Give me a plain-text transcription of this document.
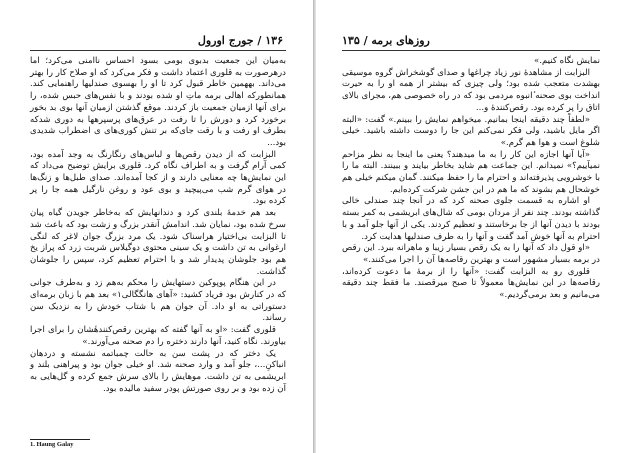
۱۳۶ / جورج اورول

به‌میان این جمعیت بدبوی بومی بسود احساس نا‌امنی می‌کرد؛ اما درهرصورت به قلوری اعتماد داشت و فکر می‌کرد که او صلاح کار را بهتر می‌داند. بههمین خاطر قبول کرد تا او را بهسوی صندلیها راهنمایی کند. همانطورکه اهالی برمه ماتِ او شده بودند و با نفس‌های حبس شده، را برای آنها ازمیان جمعیت باز کردند. موقع گذشتن ازمیان آنها بوی بد بخور برخورد کرد و دورش را تا رفت در عرق‌های پرسپرهها به دوری شدکه بطرف او رفت و با رقت جای‌که بر تنش کوری‌های ی اضطراب شدیدی بود...

البزابت که از دیدن رقص‌ها و لباس‌های رنگارنگ به وجد آمده بود، کمی آرام گرفت و به اطراف نگاه کرد. قلوری برایش توضیح می‌داد که این نمایش‌ها چه معنایی دارند و از کجا آمده‌اند. صدای طبل‌ها و زنگ‌ها در هوای گرم شب می‌پیچید و بوی عود و روغن نارگیل همه جا را پر کرده بود.

بعد هم خدمهٔ بلندی کرد و دندانهایش که به‌خاطر جویدن گیاه پیان سرخ شده بود، نمایان شد. اندامش آنقدر بزرگ و زشت بود که باعث شد تا البزابت بی‌اختیار هراسناک شود. یک مرد بزرگ جوان لاغر که لنگی ارغوانی به تن داشت و یک سینی محتوی دوگیلاس شربت زرد که پراز یخ هم بود جلوشان پدیدار شد و با احترام تعظیم کرد، سپس را جلوشان گذاشت.

در این هنگام پوپوکین دستهایش را محکم به‌هم زد و به‌طرف جوانی که در کنارش بود فریاد کشید: «آهای هانگگالی١» بعد هم با زبان برمه‌ای دستوراتی به او داد. آن جوان هم با شتاب خودش را به نزدیک سن رساند.

قلوری گفت: «او به آنها گفته که بهترین رقص‌کنندهٔشان را برای اجرا بیاورند. نگاه کنید، آنها دارند دختره را دم صحنه می‌آورند.»

یک دختر که در پشت سن به حالت چمباتمه نشسته و دردهان انباکنِ...، جلو آمد و وارد صحنه شد. او خیلی جوان بود و پیراهنی بلند و ابریشمی به تن داشت. موهایش را بالای سرش جمع کرده و گل‌هایی به آن زده بود و بر روی صورتش پودر سفید مالیده بود.

1. Haung Galay
روزهای برمه / ۱۳۵

نمایش نگاه کنیم.»

البزابت از مشاهدهٔ نور زیاد چراغها و صدای گوشخراش گروه موسیقی بهشدت متعجب شده بود؛ ولی چیزی که بیشتر از همه او را به حیرت انداخت بوی صحنه ٔانبوه مردمی بود که در راه خصوصی هم، مجرای بالای اتاق را پر کرده بود. رقص‌کنندهٔ و...

«لطفاً چند دقیقه اینجا بمانیم. میخواهم نمایش را ببینم.» گفت: «البته اگر مایل باشید، ولی فکر نمی‌کنم این جا را دوست داشته باشید. خیلی شلوغ است و هوا هم گرم.»

«آیا آنها اجازه این کار را به ما میدهند؟ یعنی ما اینجا به نظر مزاحم نمیآییم؟» نمیدانم. این جماعت هم شاید بخاطر بیایند و ببینند. البته ما را با خوشرویی پذیرفته‌اند و احترام ما را حفظ میکنند. گمان میکنم خیلی هم خوشحال هم بشوند که ما هم در این جشن شرکت کرده‌ایم.

او اشاره به قسمت جلوی صحنه کرد که در آنجا چند صندلی خالی گذاشته بودند. چند نفر از مردان بومی که شال‌های ابریشمی به کمر بسته بودند با دیدن آنها از جا برخاستند و تعظیم کردند. یکی از آنها جلو آمد و با احترام به آنها خوش آمد گفت و آنها را به طرف صندلیها هدایت کرد.

«او قول داد که آنها را به یک رقص بسیار زیبا و ماهرانه ببرد. این رقص در برمه بسیار مشهور است و بهترین رقاصه‌ها آن را اجرا می‌کنند.»

قلوری رو به البزابت گفت: «آنها را از برمهٔ ما دعوت کرده‌اند، رقاصه‌ها در این نمایش‌ها معمولاً تا صبح میرقصند. ما فقط چند دقیقه می‌مانیم و بعد برمی‌گردیم.»
